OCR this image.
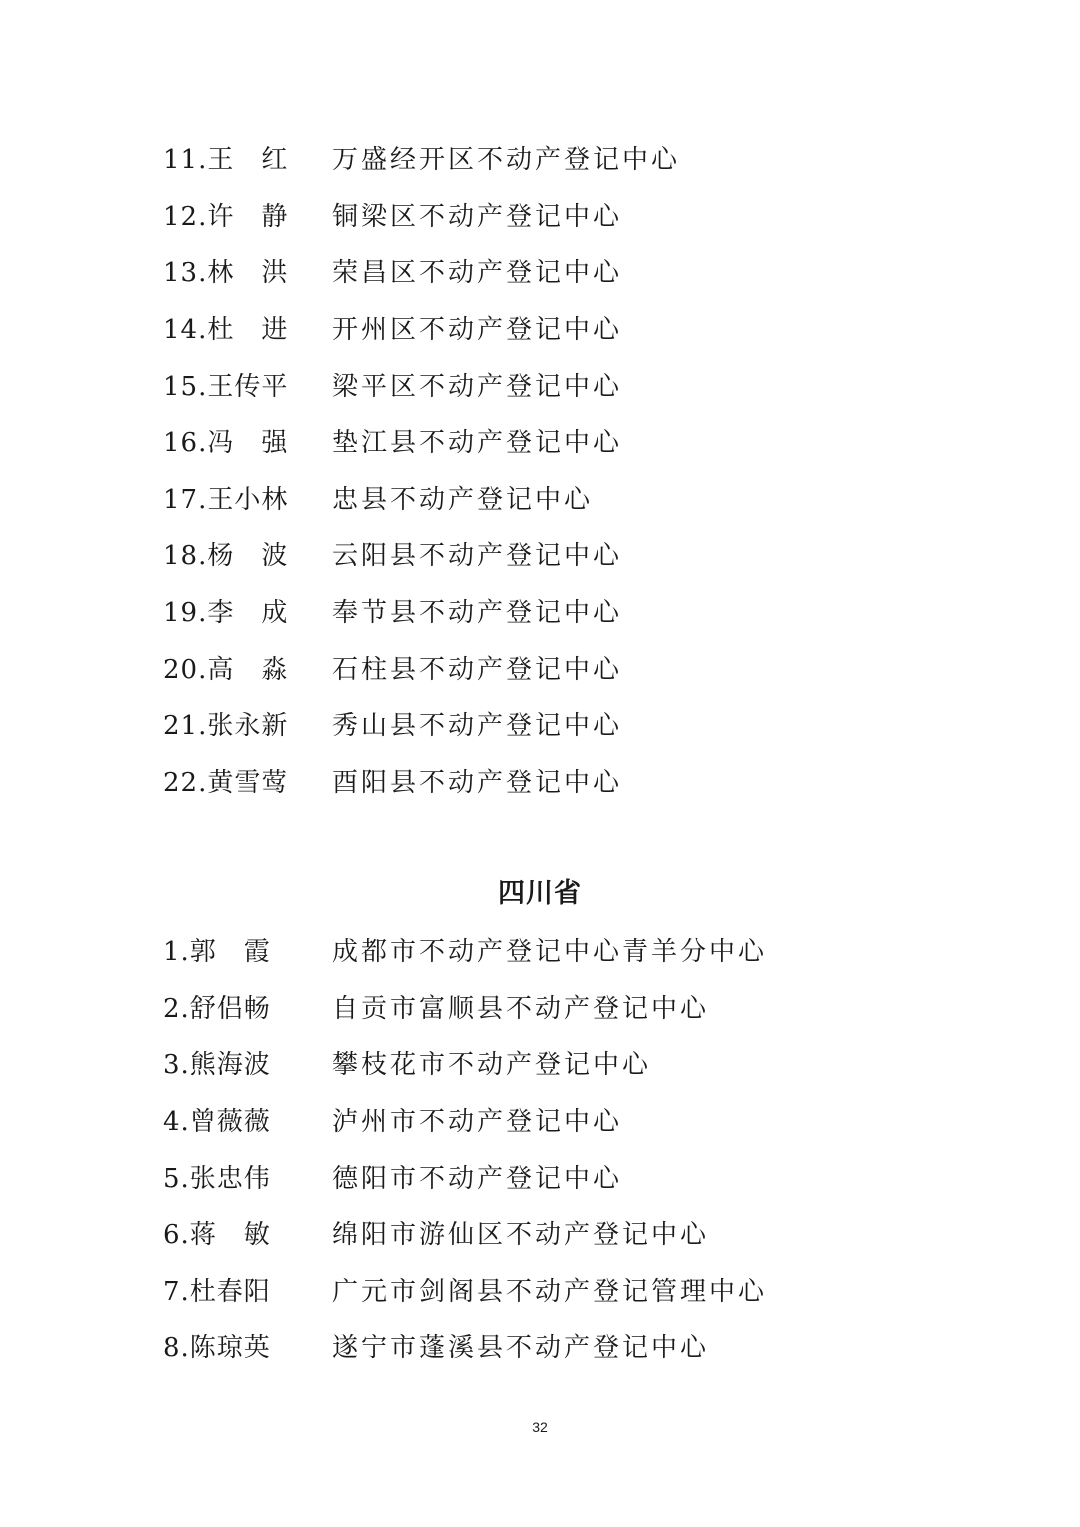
11.王　红	万盛经开区不动产登记中心
12.许　静	铜梁区不动产登记中心
13.林　洪	荣昌区不动产登记中心
14.杜　进	开州区不动产登记中心
15.王传平	梁平区不动产登记中心
16.冯　强	垫江县不动产登记中心
17.王小林	忠县不动产登记中心
18.杨　波	云阳县不动产登记中心
19.李　成	奉节县不动产登记中心
20.高　淼	石柱县不动产登记中心
21.张永新	秀山县不动产登记中心
22.黄雪莺	酉阳县不动产登记中心
四川省
1.郭　霞	成都市不动产登记中心青羊分中心
2.舒侣畅	自贡市富顺县不动产登记中心
3.熊海波	攀枝花市不动产登记中心
4.曾薇薇	泸州市不动产登记中心
5.张忠伟	德阳市不动产登记中心
6.蒋　敏	绵阳市游仙区不动产登记中心
7.杜春阳	广元市剑阁县不动产登记管理中心
8.陈琼英	遂宁市蓬溪县不动产登记中心
32
